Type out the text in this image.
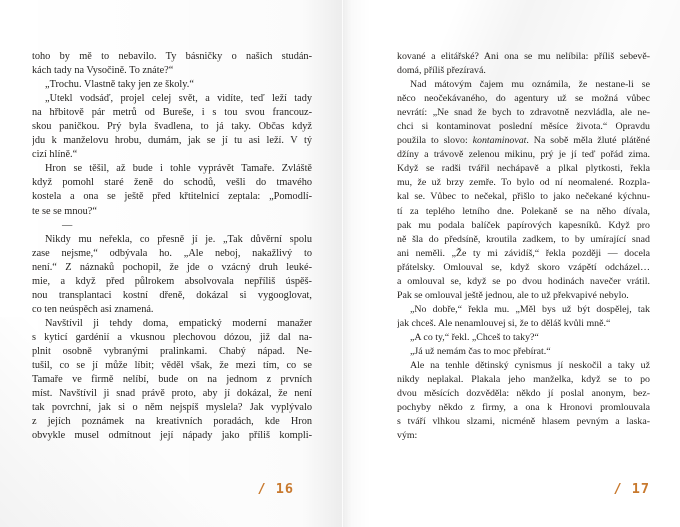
toho by mě to nebavilo. Ty básničky o našich studán-
kách tady na Vysočině. To znáte?“
„Trochu. Vlastně taky jen ze školy.“
„Utekl vodsáď, projel celej svět, a vidíte, teď leží tady
na hřbitově pár metrů od Bureše, i s tou svou francouz-
skou paničkou. Prý byla švadlena, to já taky. Občas když
jdu k manželovu hrobu, dumám, jak se jí tu asi leží. V tý
cizí hlíně.“
Hron se těšil, až bude i tohle vyprávět Tamaře. Zvláště
když pomohl staré ženě do schodů, vešli do tmavého
kostela a ona se ještě před křtitelnicí zeptala: „Pomodlí-
te se se mnou?“
—
Nikdy mu neřekla, co přesně jí je. „Tak důvěrní spolu
zase nejsme,“ odbývala ho. „Ale neboj, nakažlivý to
není.“ Z náznaků pochopil, že jde o vzácný druh leuké-
mie, a když před půlrokem absolvovala nepříliš úspěš-
nou transplantaci kostní dřeně, dokázal si vygooglovat,
co ten neúspěch asi znamená.
Navštívil ji tehdy doma, empatický moderní manažer
s kyticí gardénií a vkusnou plechovou dózou, již dal na-
plnit osobně vybranými pralinkami. Chabý nápad. Ne-
tušil, co se jí může líbit; věděl však, že mezi tím, co se
Tamaře ve firmě nelíbí, bude on na jednom z prvních
míst. Navštívil ji snad právě proto, aby jí dokázal, že není
tak povrchní, jak si o něm nejspíš myslela? Jak vyplývalo
z jejích poznámek na kreativních poradách, kde Hron
obvykle musel odmítnout její nápady jako příliš kompli-
/ 16
kované a elitářské? Ani ona se mu nelíbila: příliš sebevě-
domá, příliš přezíravá.
Nad mátovým čajem mu oznámila, že nestane-li se
něco neočekávaného, do agentury už se možná vůbec
nevrátí: „Ne snad že bych to zdravotně nezvládla, ale ne-
chci si kontaminovat poslední měsíce života.“ Opravdu
použila to slovo: kontaminovat. Na sobě měla žluté plátěné
džíny a trávově zelenou mikinu, prý je jí teď pořád zima.
Když se radši tvářil nechápavě a plkal plytkosti, řekla
mu, že už brzy zemře. To bylo od ní neomalené. Rozpla-
kal se. Vůbec to nečekal, přišlo to jako nečekané kýchnu-
tí za teplého letního dne. Polekaně se na něho dívala,
pak mu podala balíček papírových kapesníků. Když pro
ně šla do předsíně, kroutila zadkem, to by umírající snad
ani neměli. „Že ty mi závidíš,“ řekla později — docela
přátelsky. Omlouval se, když skoro vzápětí odcházel…
a omlouval se, když se po dvou hodinách navečer vrátil.
Pak se omlouval ještě jednou, ale to už překvapivé nebylo.
„No dobře,“ řekla mu. „Měl bys už být dospělej, tak
jak chceš. Ale nenamlouvej si, že to děláš kvůli mně.“
„A co ty,“ řekl. „Chceš to taky?“
„Já už nemám čas to moc přebírat.“
Ale na tenhle dětinský cynismus jí neskočil a taky už
nikdy neplakal. Plakala jeho manželka, když se to po
dvou měsících dozvěděla: někdo jí poslal anonym, bez-
pochyby někdo z firmy, a ona k Hronovi promlouvala
s tváří vlhkou slzami, nicméně hlasem pevným a laska-
vým:
/ 17
